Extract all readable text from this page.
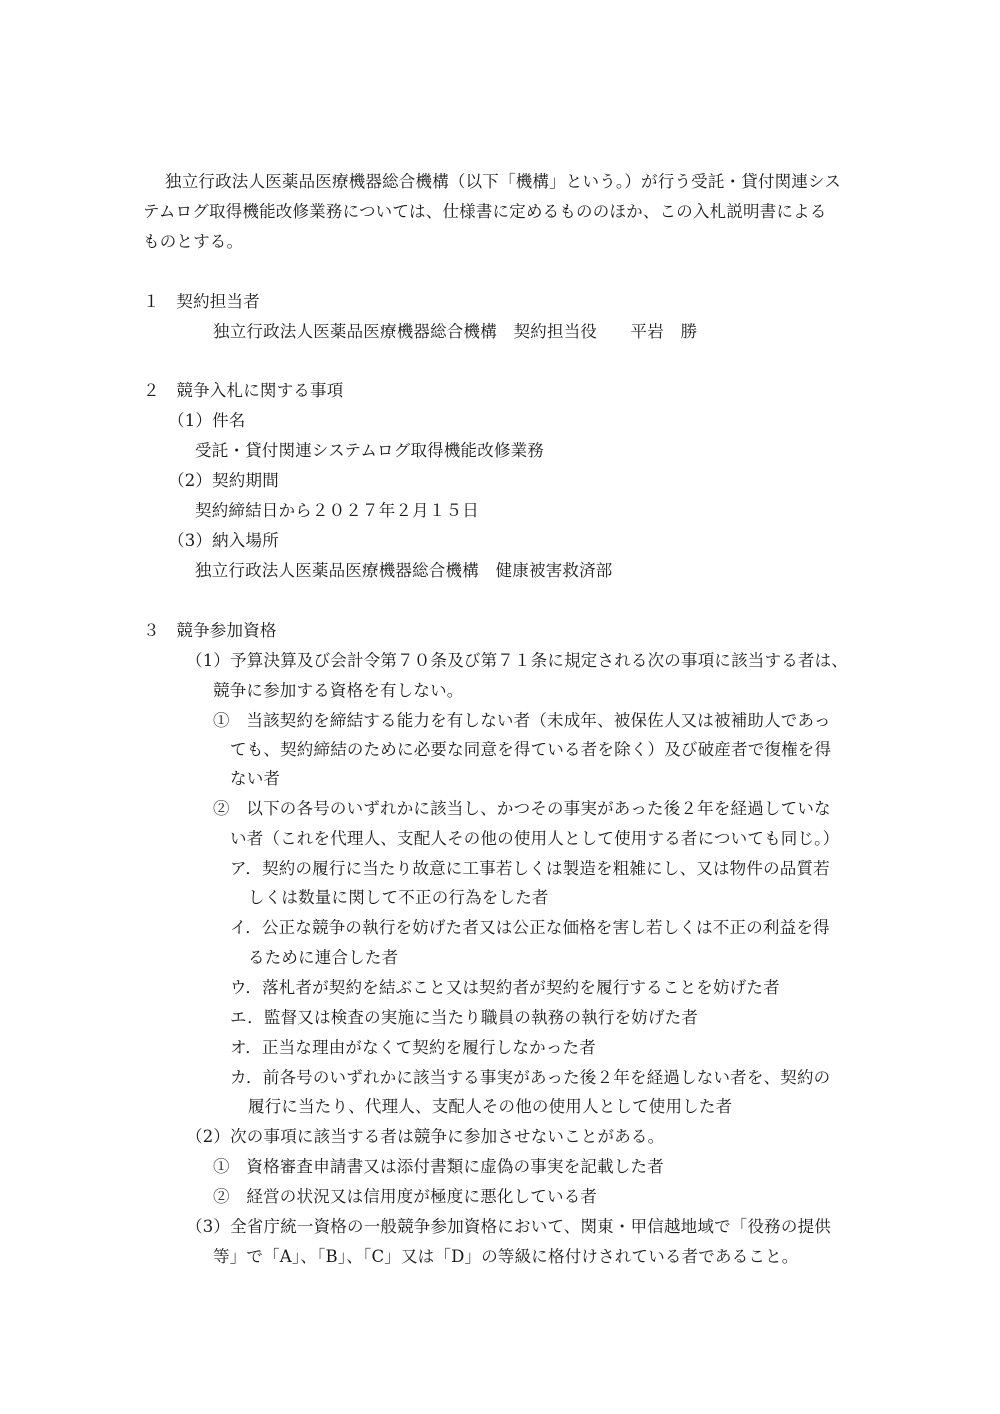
独立行政法人医薬品医療機器総合機構（以下「機構」という。）が行う受託・貸付関連シス
テムログ取得機能改修業務については、仕様書に定めるもののほか、この入札説明書による
ものとする。
１　契約担当者
独立行政法人医薬品医療機器総合機構　契約担当役　　平岩　勝
２　競争入札に関する事項
（1）件名
受託・貸付関連システムログ取得機能改修業務
（2）契約期間
契約締結日から２０２７年２月１５日
（3）納入場所
独立行政法人医薬品医療機器総合機構　健康被害救済部
３　競争参加資格
（1）予算決算及び会計令第７０条及び第７１条に規定される次の事項に該当する者は、
競争に参加する資格を有しない。
①　当該契約を締結する能力を有しない者（未成年、被保佐人又は被補助人であっ
ても、契約締結のために必要な同意を得ている者を除く）及び破産者で復権を得
ない者
②　以下の各号のいずれかに該当し、かつその事実があった後２年を経過していな
い者（これを代理人、支配人その他の使用人として使用する者についても同じ。）
ア．契約の履行に当たり故意に工事若しくは製造を粗雑にし、又は物件の品質若
しくは数量に関して不正の行為をした者
イ．公正な競争の執行を妨げた者又は公正な価格を害し若しくは不正の利益を得
るために連合した者
ウ．落札者が契約を結ぶこと又は契約者が契約を履行することを妨げた者
エ．監督又は検査の実施に当たり職員の執務の執行を妨げた者
オ．正当な理由がなくて契約を履行しなかった者
カ．前各号のいずれかに該当する事実があった後２年を経過しない者を、契約の
履行に当たり、代理人、支配人その他の使用人として使用した者
（2）次の事項に該当する者は競争に参加させないことがある。
①　資格審査申請書又は添付書類に虚偽の事実を記載した者
②　経営の状況又は信用度が極度に悪化している者
（3）全省庁統一資格の一般競争参加資格において、関東・甲信越地域で「役務の提供
等」で「A」、「B」、「C」又は「D」の等級に格付けされている者であること。
